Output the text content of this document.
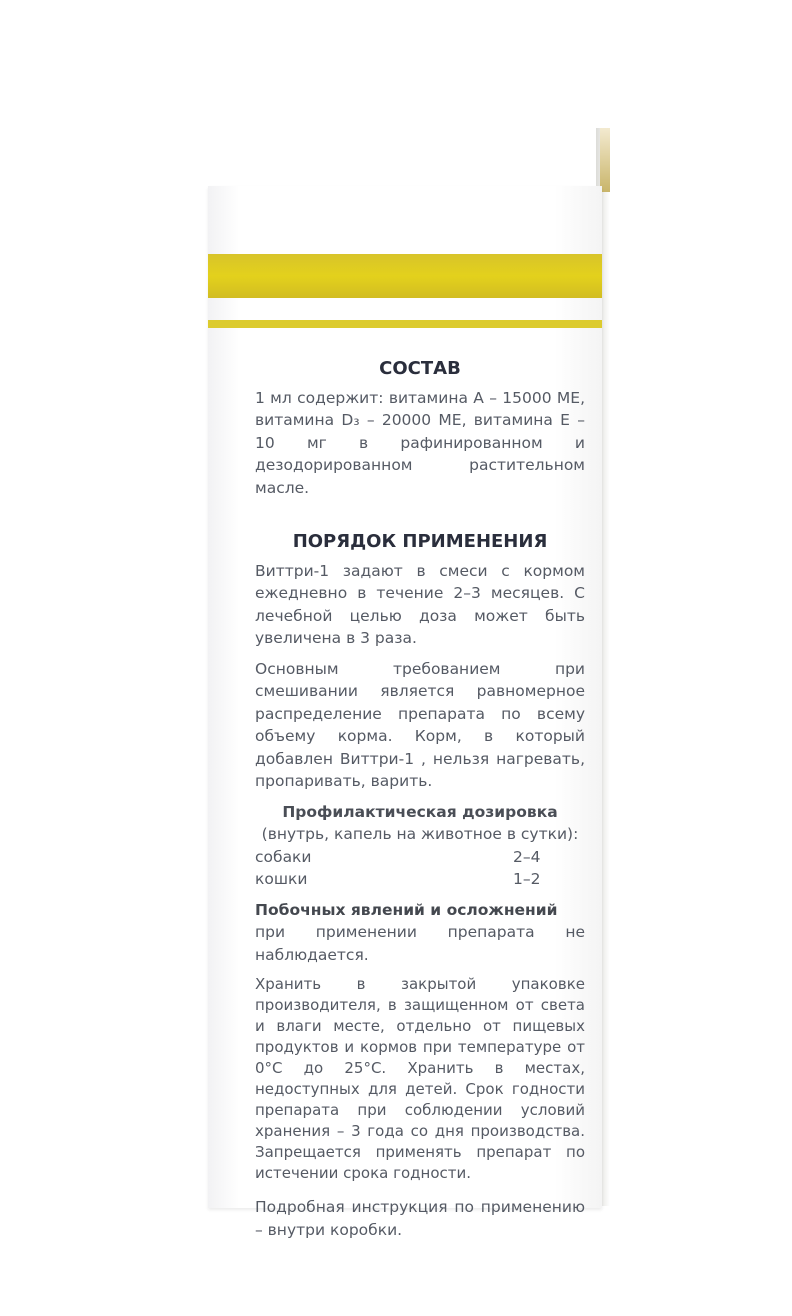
СОСТАВ
1 мл содержит: витамина А – 15000 МЕ, витамина D₃ – 20000 МЕ, витамина Е – 10 мг в рафинированном и дезодорированном растительном масле.
ПОРЯДОК ПРИМЕНЕНИЯ
Виттри-1 задают в смеси с кормом ежедневно в течение 2–3 месяцев. С лечебной целью доза может быть увеличена в 3 раза.
Основным требованием при смешивании является равномерное распределение препарата по всему объему корма. Корм, в который добавлен Виттри-1 , нельзя нагревать, пропаривать, варить.
Профилактическая дозировка
(внутрь, капель на животное в сутки):
собаки	2–4
кошки	1–2
Побочных явлений и осложнений
при применении препарата не наблюдается.
Хранить в закрытой упаковке производителя, в защищенном от света и влаги месте, отдельно от пищевых продуктов и кормов при температуре от 0°С до 25°С. Хранить в местах, недоступных для детей. Срок годности препарата при соблюдении условий хранения – 3 года со дня производства. Запрещается применять препарат по истечении срока годности.
Подробная инструкция по применению – внутри коробки.
